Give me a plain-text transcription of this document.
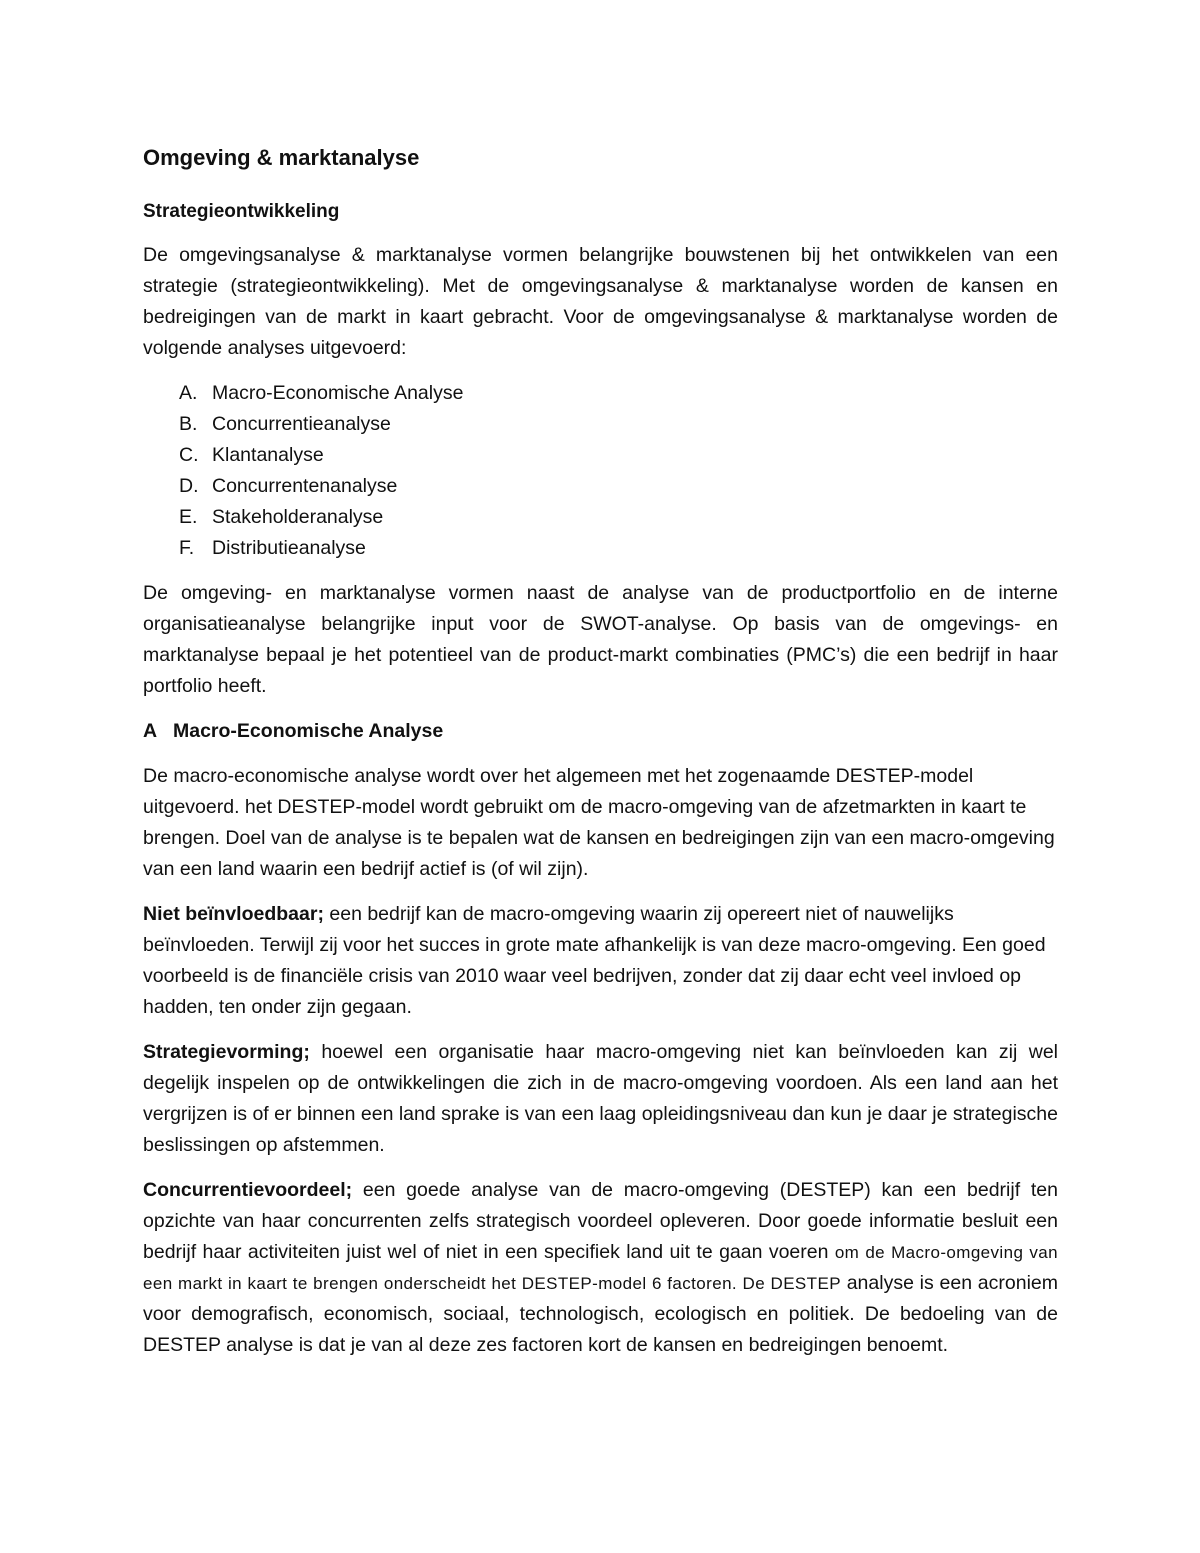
Omgeving & marktanalyse
Strategieontwikkeling

De omgevingsanalyse & marktanalyse vormen belangrijke bouwstenen bij het ontwikkelen van een strategie (strategieontwikkeling). Met de omgevingsanalyse & marktanalyse worden de kansen en bedreigingen van de markt in kaart gebracht. Voor de omgevingsanalyse & marktanalyse worden de volgende analyses uitgevoerd:

A. Macro-Economische Analyse
B. Concurrentieanalyse
C. Klantanalyse
D. Concurrentenanalyse
E. Stakeholderanalyse
F. Distributieanalyse

De omgeving- en marktanalyse vormen naast de analyse van de productportfolio en de interne organisatieanalyse belangrijke input voor de SWOT-analyse. Op basis van de omgevings- en marktanalyse bepaal je het potentieel van de product-markt combinaties (PMC’s) die een bedrijf in haar portfolio heeft.

A Macro-Economische Analyse

De macro-economische analyse wordt over het algemeen met het zogenaamde DESTEP-model uitgevoerd. het DESTEP-model wordt gebruikt om de macro-omgeving van de afzetmarkten in kaart te brengen. Doel van de analyse is te bepalen wat de kansen en bedreigingen zijn van een macro-omgeving van een land waarin een bedrijf actief is (of wil zijn).

Niet beïnvloedbaar; een bedrijf kan de macro-omgeving waarin zij opereert niet of nauwelijks beïnvloeden. Terwijl zij voor het succes in grote mate afhankelijk is van deze macro-omgeving. Een goed voorbeeld is de financiële crisis van 2010 waar veel bedrijven, zonder dat zij daar echt veel invloed op hadden, ten onder zijn gegaan.

Strategievorming; hoewel een organisatie haar macro-omgeving niet kan beïnvloeden kan zij wel degelijk inspelen op de ontwikkelingen die zich in de macro-omgeving voordoen. Als een land aan het vergrijzen is of er binnen een land sprake is van een laag opleidingsniveau dan kun je daar je strategische beslissingen op afstemmen.

Concurrentievoordeel; een goede analyse van de macro-omgeving (DESTEP) kan een bedrijf ten opzichte van haar concurrenten zelfs strategisch voordeel opleveren. Door goede informatie besluit een bedrijf haar activiteiten juist wel of niet in een specifiek land uit te gaan voeren om de Macro-omgeving van een markt in kaart te brengen onderscheidt het DESTEP-model 6 factoren. De DESTEP analyse is een acroniem voor demografisch, economisch, sociaal, technologisch, ecologisch en politiek. De bedoeling van de DESTEP analyse is dat je van al deze zes factoren kort de kansen en bedreigingen benoemt.
